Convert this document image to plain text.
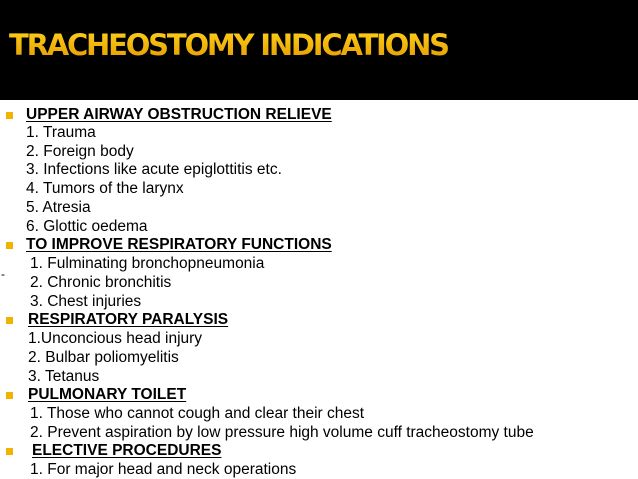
TRACHEOSTOMY INDICATIONS
-
UPPER AIRWAY OBSTRUCTION RELIEVE
1. Trauma
2. Foreign body
3. Infections like acute epiglottitis etc.
4. Tumors of the larynx
5. Atresia
6. Glottic oedema
TO IMPROVE RESPIRATORY FUNCTIONS
1. Fulminating bronchopneumonia
2. Chronic bronchitis
3. Chest injuries
RESPIRATORY PARALYSIS
1.Unconcious head injury
2. Bulbar poliomyelitis
3. Tetanus
PULMONARY TOILET
1. Those who cannot cough and clear their chest
2. Prevent aspiration by low pressure high volume cuff tracheostomy tube
ELECTIVE PROCEDURES
1. For major head and neck operations
